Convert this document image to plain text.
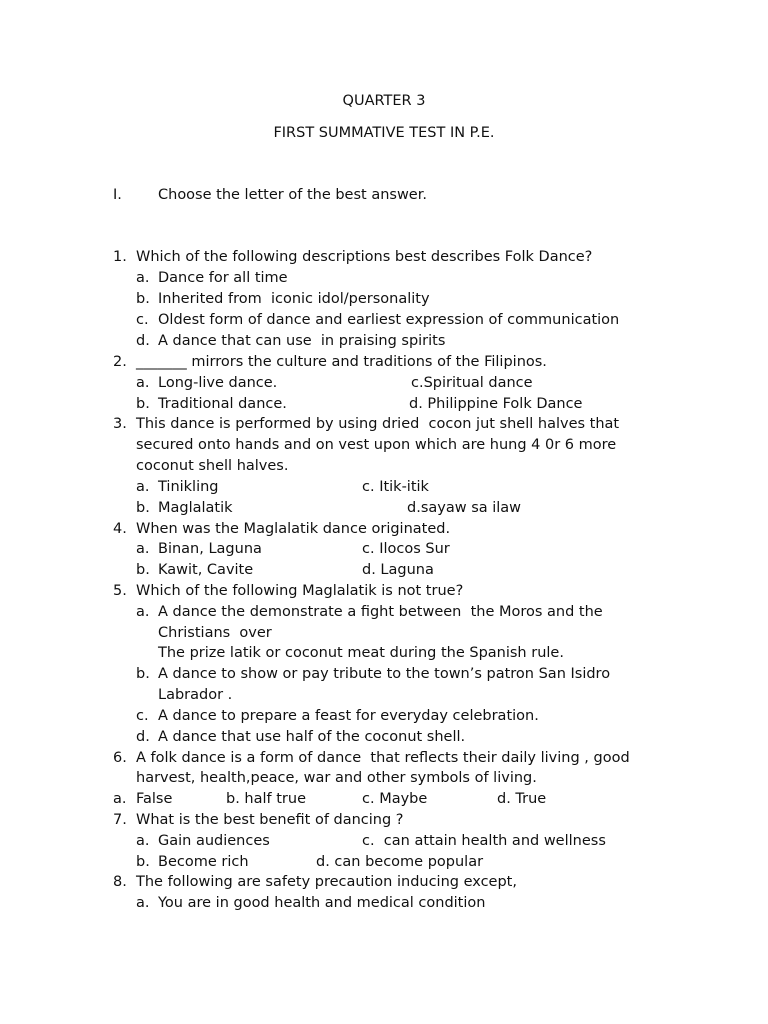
QUARTER 3
FIRST SUMMATIVE TEST IN P.E.
I. Choose the letter of the best answer.
1. Which of the following descriptions best describes Folk Dance?
a. Dance for all time
b. Inherited from  iconic idol/personality
c. Oldest form of dance and earliest expression of communication
d. A dance that can use  in praising spirits
2. _______ mirrors the culture and traditions of the Filipinos.
a. Long-live dance.	c.Spiritual dance
b. Traditional dance.	d. Philippine Folk Dance
3. This dance is performed by using dried  cocon jut shell halves that
secured onto hands and on vest upon which are hung 4 0r 6 more
coconut shell halves.
a. Tinikling	c. Itik-itik
b. Maglalatik	d.sayaw sa ilaw
4. When was the Maglalatik dance originated.
a. Binan, Laguna	c. Ilocos Sur
b. Kawit, Cavite	d. Laguna
5. Which of the following Maglalatik is not true?
a. A dance the demonstrate a fight between  the Moros and the
Christians  over
The prize latik or coconut meat during the Spanish rule.
b. A dance to show or pay tribute to the town’s patron San Isidro
Labrador .
c. A dance to prepare a feast for everyday celebration.
d. A dance that use half of the coconut shell.
6. A folk dance is a form of dance  that reflects their daily living , good
harvest, health,peace, war and other symbols of living.
a. False	b. half true	c. Maybe	d. True
7. What is the best benefit of dancing ?
a. Gain audiences	c.  can attain health and wellness
b. Become rich	d. can become popular
8. The following are safety precaution inducing except,
a. You are in good health and medical condition
